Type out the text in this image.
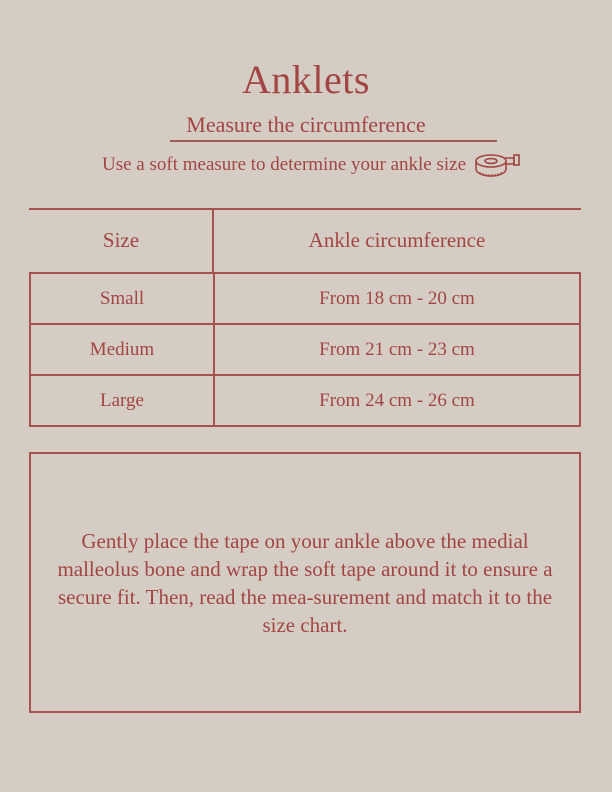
Anklets
Measure the circumference
Use a soft measure to determine your ankle size
Size	Ankle circumference
Small	From 18 cm - 20 cm
Medium	From 21 cm - 23 cm
Large	From 24 cm - 26 cm
Gently place the tape on your ankle above the medial malleolus bone and wrap the soft tape around it to ensure a secure fit. Then, read the mea-surement and match it to the size chart.
